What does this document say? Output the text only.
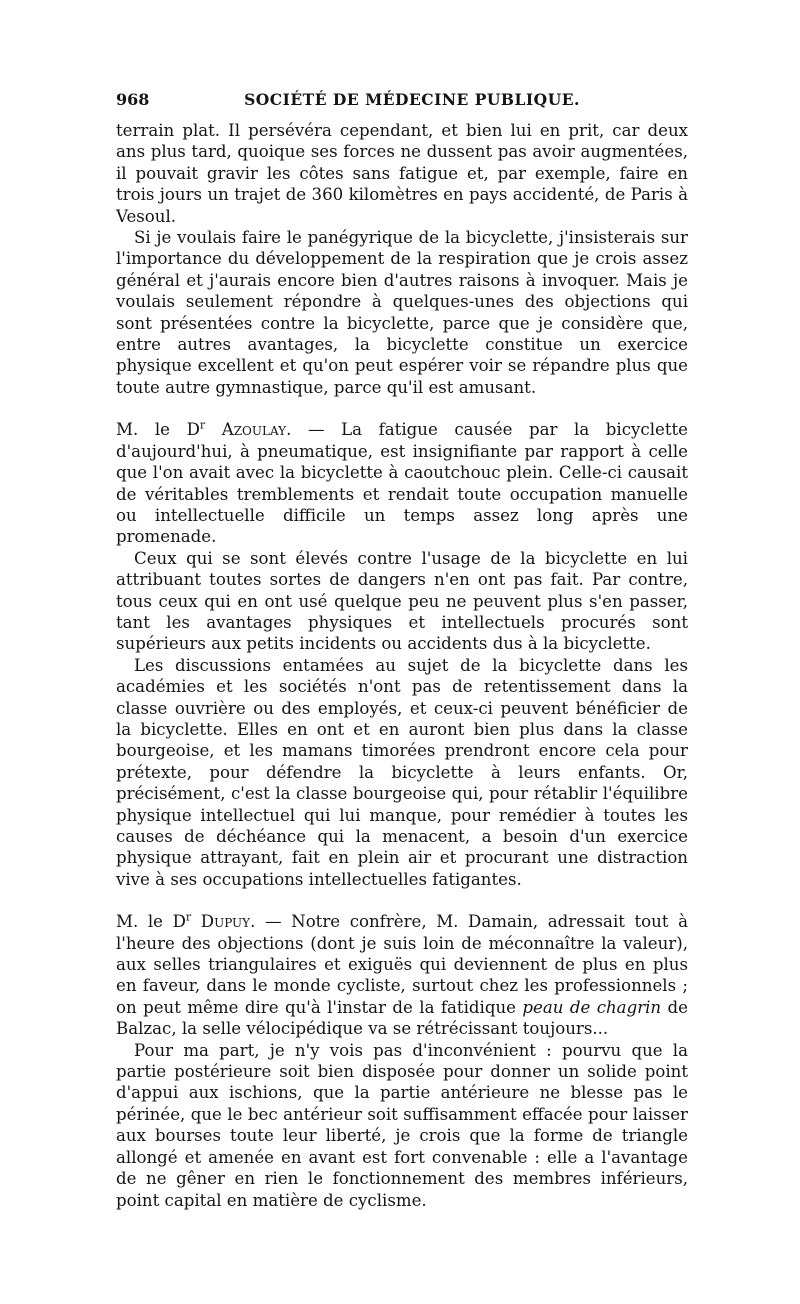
968	SOCIÉTÉ DE MÉDECINE PUBLIQUE.

terrain plat. Il persévéra cependant, et bien lui en prit, car deux ans plus tard, quoique ses forces ne dussent pas avoir augmentées, il pouvait gravir les côtes sans fatigue et, par exemple, faire en trois jours un trajet de 360 kilomètres en pays accidenté, de Paris à Vesoul.

Si je voulais faire le panégyrique de la bicyclette, j'insisterais sur l'importance du développement de la respiration que je crois assez général et j'aurais encore bien d'autres raisons à invoquer. Mais je voulais seulement répondre à quelques-unes des objections qui sont présentées contre la bicyclette, parce que je considère que, entre autres avantages, la bicyclette constitue un exercice physique excellent et qu'on peut espérer voir se répandre plus que toute autre gymnastique, parce qu'il est amusant.

M. le $D^r$ Azoulay. — La fatigue causée par la bicyclette d'aujourd'hui, à pneumatique, est insignifiante par rapport à celle que l'on avait avec la bicyclette à caoutchouc plein. Celle-ci causait de véritables tremblements et rendait toute occupation manuelle ou intellectuelle difficile un temps assez long après une promenade.

Ceux qui se sont élevés contre l'usage de la bicyclette en lui attribuant toutes sortes de dangers n'en ont pas fait. Par contre, tous ceux qui en ont usé quelque peu ne peuvent plus s'en passer, tant les avantages physiques et intellectuels procurés sont supérieurs aux petits incidents ou accidents dus à la bicyclette.

Les discussions entamées au sujet de la bicyclette dans les académies et les sociétés n'ont pas de retentissement dans la classe ouvrière ou des employés, et ceux-ci peuvent bénéficier de la bicyclette. Elles en ont et en auront bien plus dans la classe bourgeoise, et les mamans timorées prendront encore cela pour prétexte, pour défendre la bicyclette à leurs enfants. Or, précisément, c'est la classe bourgeoise qui, pour rétablir l'équilibre physique intellectuel qui lui manque, pour remédier à toutes les causes de déchéance qui la menacent, a besoin d'un exercice physique attrayant, fait en plein air et procurant une distraction vive à ses occupations intellectuelles fatigantes.

M. le $D^r$ Dupuy. — Notre confrère, M. Damain, adressait tout à l'heure des objections (dont je suis loin de méconnaître la valeur), aux selles triangulaires et exiguës qui deviennent de plus en plus en faveur, dans le monde cycliste, surtout chez les professionnels ; on peut même dire qu'à l'instar de la fatidique peau de chagrin de Balzac, la selle vélocipédique va se rétrécissant toujours...

Pour ma part, je n'y vois pas d'inconvénient : pourvu que la partie postérieure soit bien disposée pour donner un solide point d'appui aux ischions, que la partie antérieure ne blesse pas le périnée, que le bec antérieur soit suffisamment effacée pour laisser aux bourses toute leur liberté, je crois que la forme de triangle allongé et amenée en avant est fort convenable : elle a l'avantage de ne gêner en rien le fonctionnement des membres inférieurs, point capital en matière de cyclisme.
